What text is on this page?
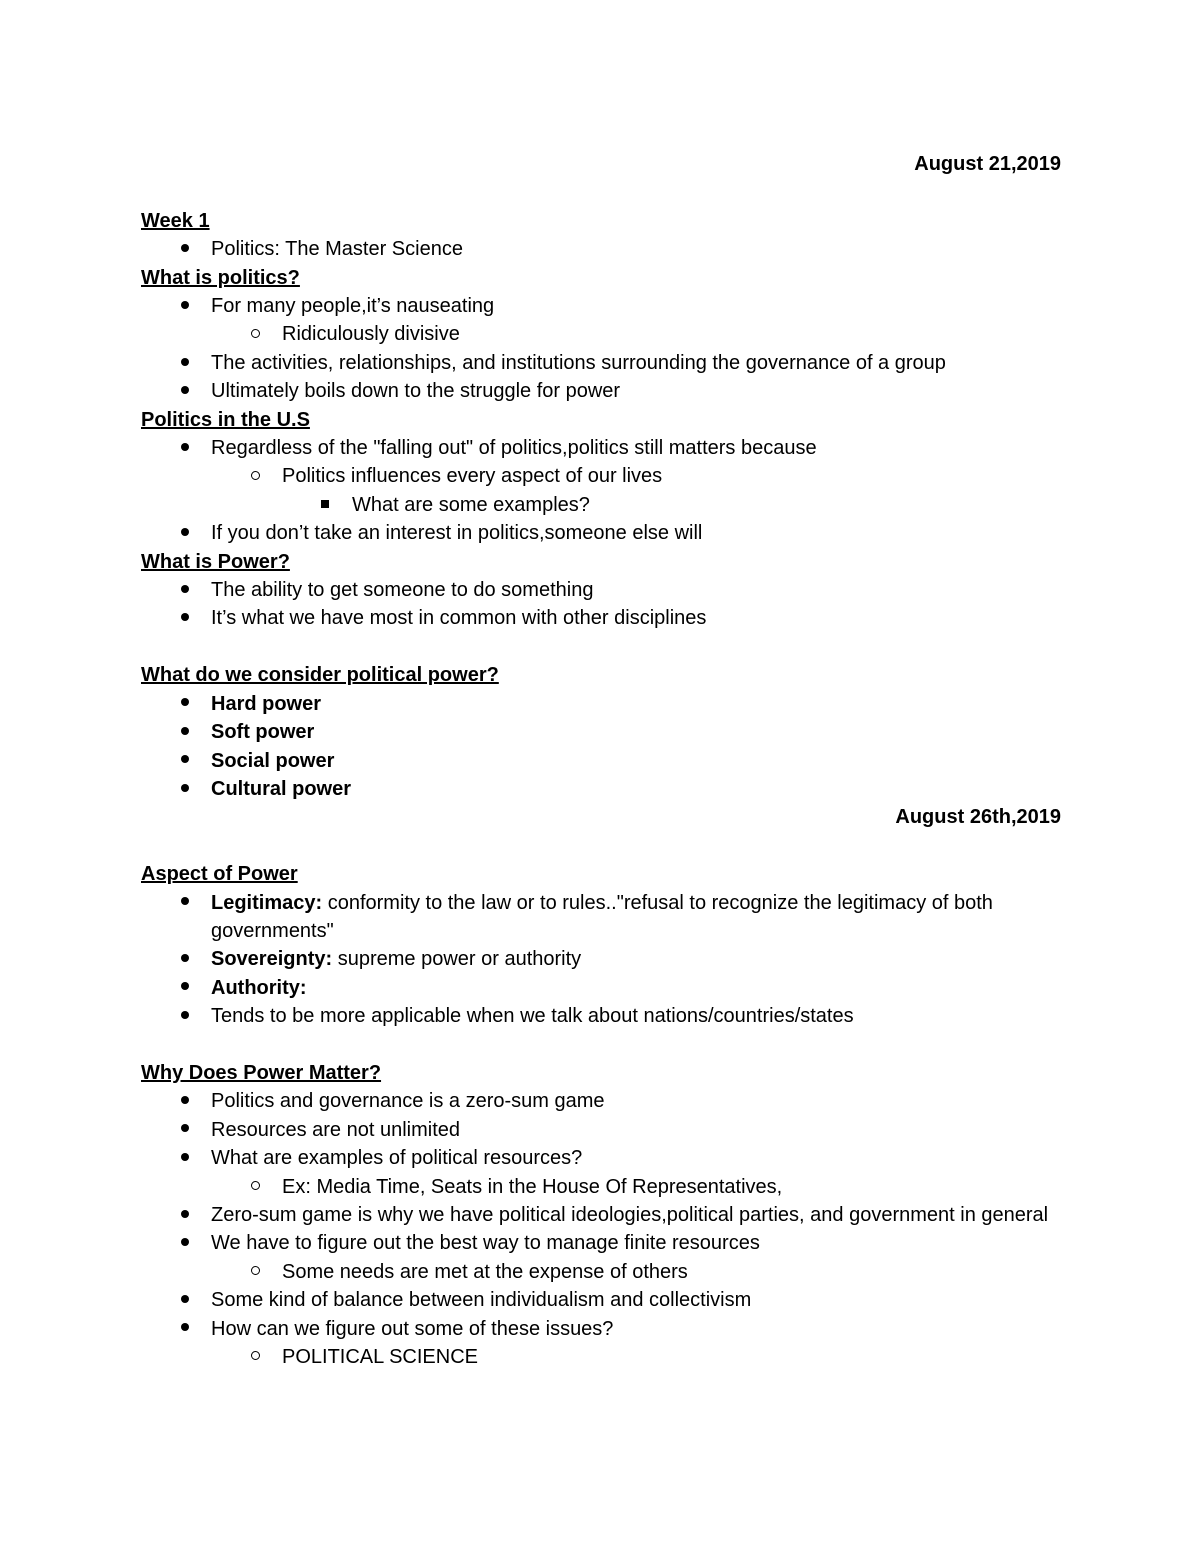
August 21,2019
Week 1
Politics: The Master Science
What is politics?
For many people,it’s nauseating
Ridiculously divisive
The activities, relationships, and institutions surrounding the governance of a group
Ultimately boils down to the struggle for power
Politics in the U.S
Regardless of the "falling out" of politics,politics still matters because
Politics influences every aspect of our lives
What are some examples?
If you don’t take an interest in politics,someone else will
What is Power?
The ability to get someone to do something
It’s what we have most in common with other disciplines
What do we consider political power?
Hard power
Soft power
Social power
Cultural power
August 26th,2019
Aspect of Power
Legitimacy: conformity to the law or to rules.."refusal to recognize the legitimacy of both governments"
Sovereignty: supreme power or authority
Authority:
Tends to be more applicable when we talk about nations/countries/states
Why Does Power Matter?
Politics and governance is a zero-sum game
Resources are not unlimited
What are examples of political resources?
Ex: Media Time, Seats in the House Of Representatives,
Zero-sum game is why we have political ideologies,political parties, and government in general
We have to figure out the best way to manage finite resources
Some needs are met at the expense of others
Some kind of balance between individualism and collectivism
How can we figure out some of these issues?
POLITICAL SCIENCE
